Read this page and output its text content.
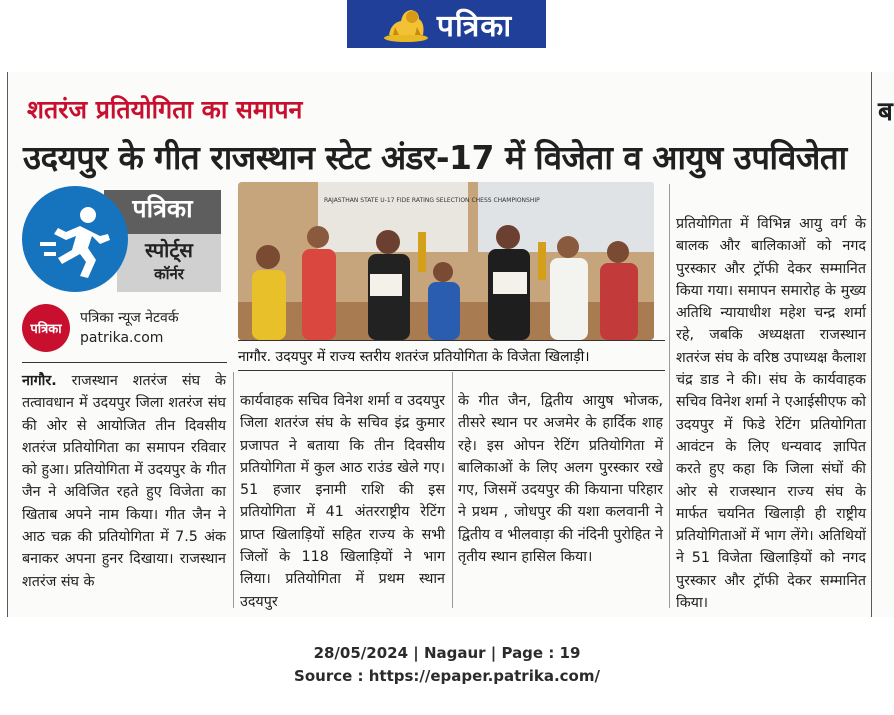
पत्रिका
शतरंज प्रतियोगिता का समापन
उदयपुर के गीत राजस्थान स्टेट अंडर-17 में विजेता व आयुष उपविजेता
ब
पत्रिका
स्पोर्ट्स
कॉर्नर
पत्रिका
पत्रिका न्यूज नेटवर्क
patrika.com
RAJASTHAN STATE U-17 FIDE RATING SELECTION CHESS CHAMPIONSHIP
नागौर. उदयपुर में राज्य स्तरीय शतरंज प्रतियोगिता के विजेता खिलाड़ी।

नागौर. राजस्थान शतरंज संघ के तत्वावधान में उदयपुर जिला शतरंज संघ की ओर से आयोजित तीन दिवसीय शतरंज प्रतियोगिता का समापन रविवार को हुआ। प्रतियोगिता में उदयपुर के गीत जैन ने अविजित रहते हुए विजेता का खिताब अपने नाम किया। गीत जैन ने आठ चक्र की प्रतियोगिता में 7.5 अंक बनाकर अपना हुनर दिखाया। राजस्थान शतरंज संघ के

कार्यवाहक सचिव विनेश शर्मा व उदयपुर जिला शतरंज संघ के सचिव इंद्र कुमार प्रजापत ने बताया कि तीन दिवसीय प्रतियोगिता में कुल आठ राउंड खेले गए। 51 हजार इनामी राशि की इस प्रतियोगिता में 41 अंतरराष्ट्रीय रेटिंग प्राप्त खिलाड़ियों सहित राज्य के सभी जिलों के 118 खिलाड़ियों ने भाग लिया। प्रतियोगिता में प्रथम स्थान उदयपुर

के गीत जैन, द्वितीय आयुष भोजक, तीसरे स्थान पर अजमेर के हार्दिक शाह रहे। इस ओपन रेटिंग प्रतियोगिता में बालिकाओं के लिए अलग पुरस्कार रखे गए, जिसमें उदयपुर की कियाना परिहार ने प्रथम , जोधपुर की यशा कलवानी ने द्वितीय व भीलवाड़ा की नंदिनी पुरोहित ने तृतीय स्थान हासिल किया।

प्रतियोगिता में विभिन्न आयु वर्ग के बालक और बालिकाओं को नगद पुरस्कार और ट्रॉफी देकर सम्मानित किया गया। समापन समारोह के मुख्य अतिथि न्यायाधीश महेश चन्द्र शर्मा रहे, जबकि अध्यक्षता राजस्थान शतरंज संघ के वरिष्ठ उपाध्यक्ष कैलाश चंद्र डाड ने की। संघ के कार्यवाहक सचिव विनेश शर्मा ने एआईसीएफ को उदयपुर में फिडे रेटिंग प्रतियोगिता आवंटन के लिए धन्यवाद ज्ञापित करते हुए कहा कि जिला संघों की ओर से राजस्थान राज्य संघ के मार्फत चयनित खिलाड़ी ही राष्ट्रीय प्रतियोगिताओं में भाग लेंगे। अतिथियों ने 51 विजेता खिलाड़ियों को नगद पुरस्कार और ट्रॉफी देकर सम्मानित किया।

28/05/2024 | Nagaur | Page : 19
Source : https://epaper.patrika.com/
